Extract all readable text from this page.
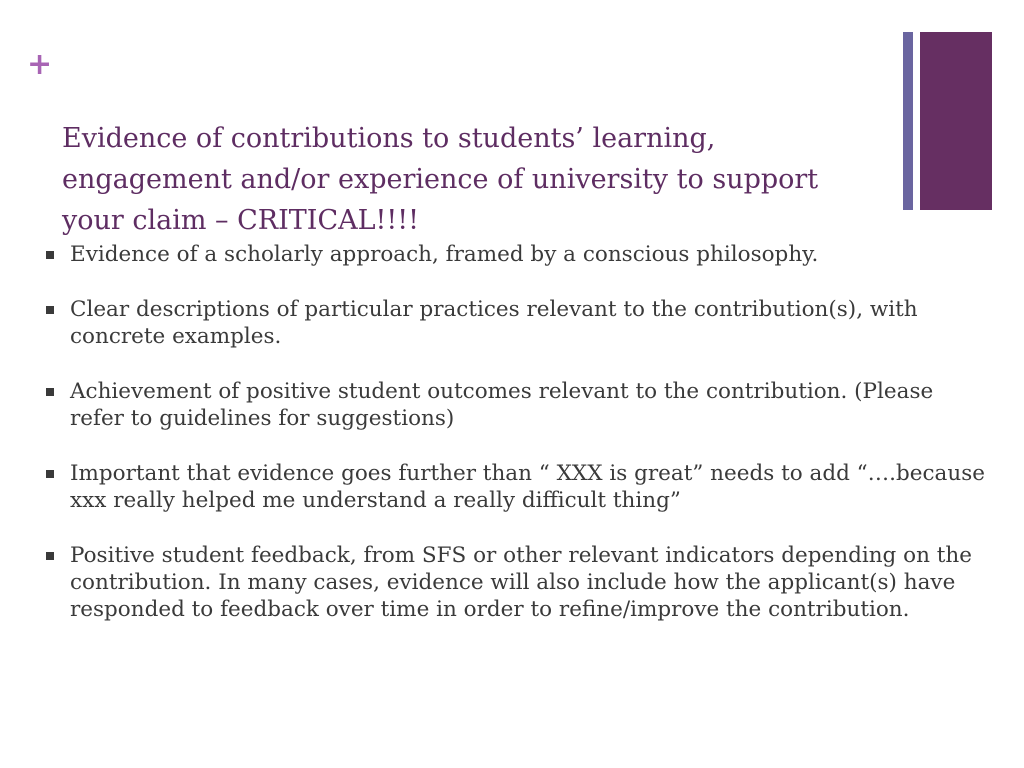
+
Evidence of contributions to students’ learning, engagement and/or experience of university to support your claim – CRITICAL!!!!
Evidence of a scholarly approach, framed by a conscious philosophy.
Clear descriptions of particular practices relevant to the contribution(s), with concrete examples.
Achievement of positive student outcomes relevant to the contribution. (Please refer to guidelines for suggestions)
Important that evidence goes further than “ XXX is great” needs to add “….because xxx really helped me understand a really difficult thing”
Positive student feedback, from SFS or other relevant indicators depending on the contribution. In many cases, evidence will also include how the applicant(s) have responded to feedback over time in order to refine/improve the contribution.
